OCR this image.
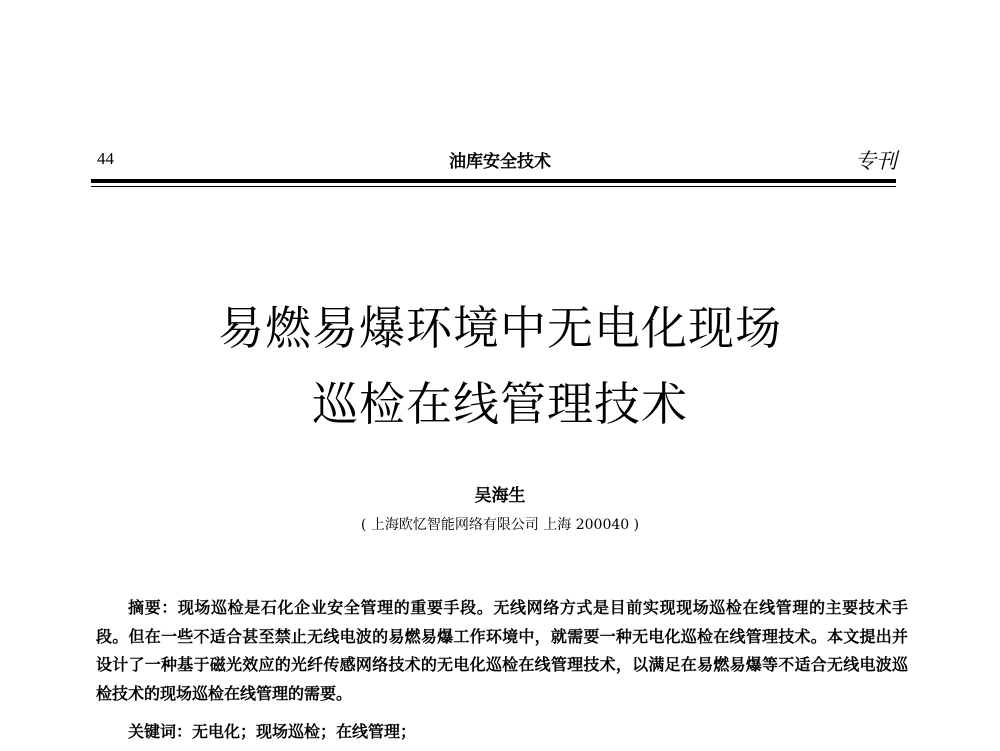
44	油库安全技术	专刊
易燃易爆环境中无电化现场
巡检在线管理技术
吴海生
( 上海欧忆智能网络有限公司 上海 200040 )

摘要：现场巡检是石化企业安全管理的重要手段。无线网络方式是目前实现现场巡检在线管理的主要技术手段。但在一些不适合甚至禁止无线电波的易燃易爆工作环境中，就需要一种无电化巡检在线管理技术。本文提出并设计了一种基于磁光效应的光纤传感网络技术的无电化巡检在线管理技术，以满足在易燃易爆等不适合无线电波巡检技术的现场巡检在线管理的需要。

关键词：无电化；现场巡检；在线管理；
